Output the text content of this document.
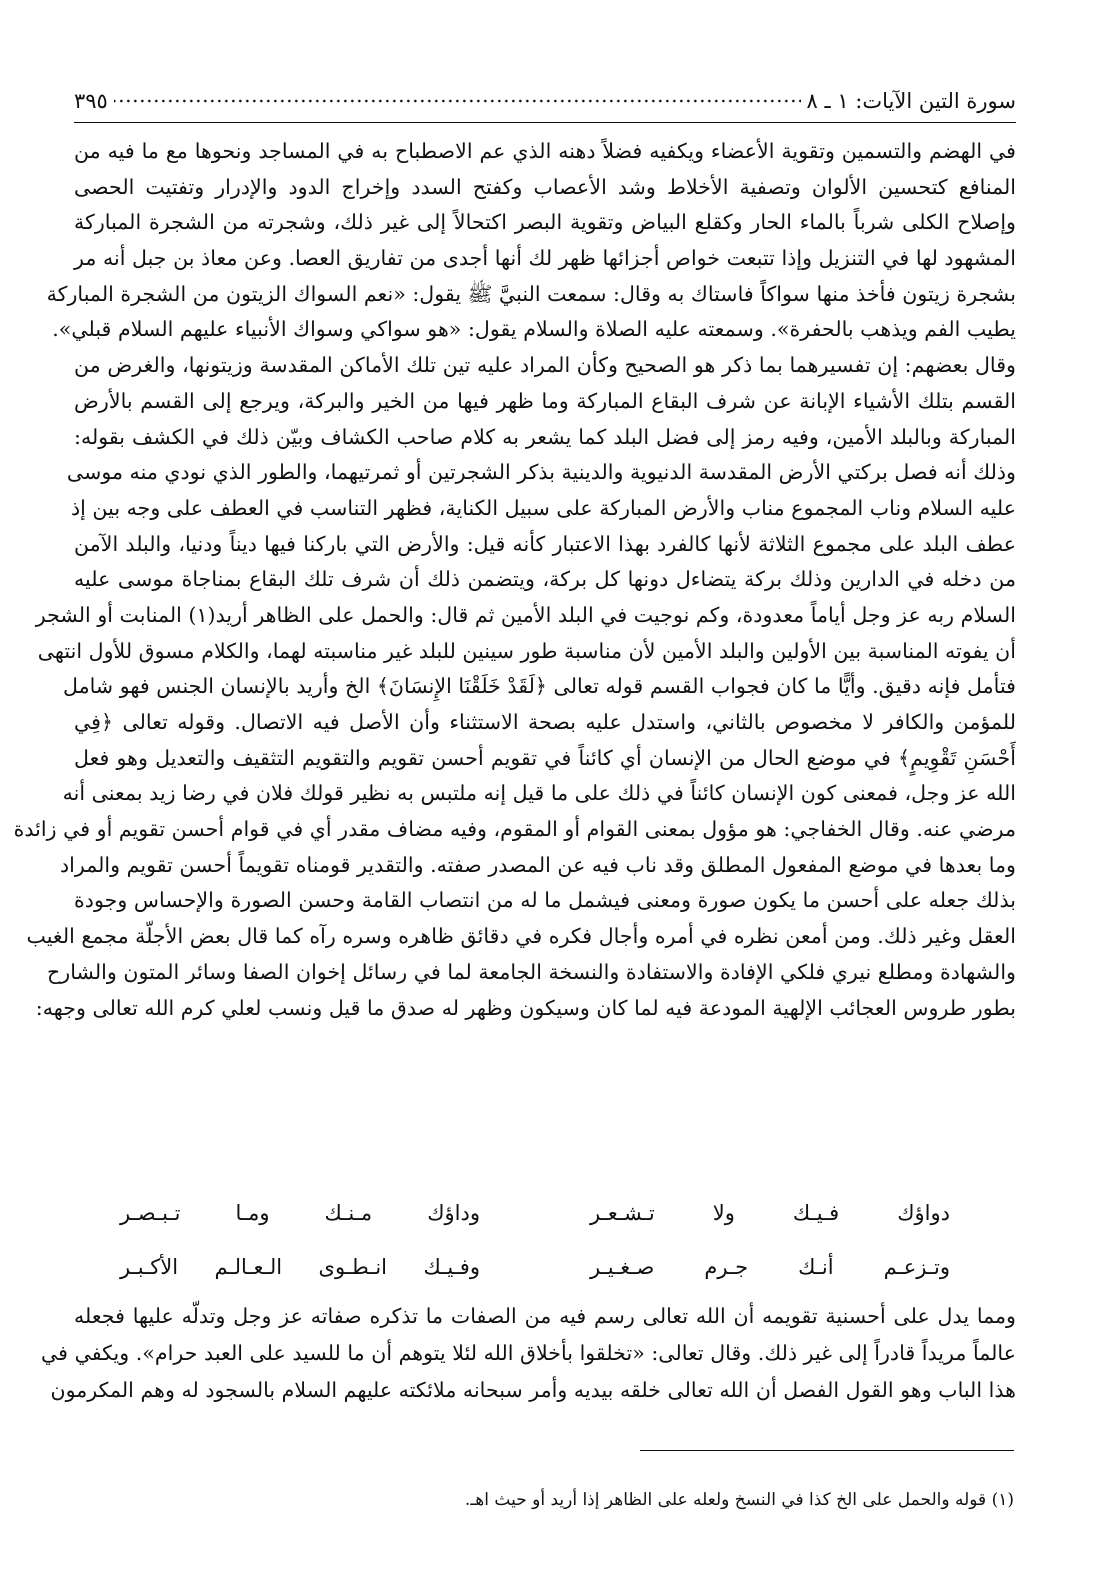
٣٩٥	سورة التين الآيات: ١ ـ ٨
في الهضم والتسمين وتقوية الأعضاء ويكفيه فضلاً دهنه الذي عم الاصطباح به في المساجد ونحوها مع ما فيه من
المنافع كتحسين الألوان وتصفية الأخلاط وشد الأعصاب وكفتح السدد وإخراج الدود والإدرار وتفتيت الحصى
وإصلاح الكلى شرباً بالماء الحار وكقلع البياض وتقوية البصر اكتحالاً إلى غير ذلك، وشجرته من الشجرة المباركة
المشهود لها في التنزيل وإذا تتبعت خواص أجزائها ظهر لك أنها أجدى من تفاريق العصا. وعن معاذ بن جبل أنه مر
بشجرة زيتون فأخذ منها سواكاً فاستاك به وقال: سمعت النبيَّ ﷺ يقول: «نعم السواك الزيتون من الشجرة المباركة
يطيب الفم ويذهب بالحفرة». وسمعته عليه الصلاة والسلام يقول: «هو سواكي وسواك الأنبياء عليهم السلام قبلي».
وقال بعضهم: إن تفسيرهما بما ذكر هو الصحيح وكأن المراد عليه تين تلك الأماكن المقدسة وزيتونها، والغرض من
القسم بتلك الأشياء الإبانة عن شرف البقاع المباركة وما ظهر فيها من الخير والبركة، ويرجع إلى القسم بالأرض
المباركة وبالبلد الأمين، وفيه رمز إلى فضل البلد كما يشعر به كلام صاحب الكشاف وبيّن ذلك في الكشف بقوله:
وذلك أنه فصل بركتي الأرض المقدسة الدنيوية والدينية بذكر الشجرتين أو ثمرتيهما، والطور الذي نودي منه موسى
عليه السلام وناب المجموع مناب والأرض المباركة على سبيل الكناية، فظهر التناسب في العطف على وجه بين إذ
عطف البلد على مجموع الثلاثة لأنها كالفرد بهذا الاعتبار كأنه قيل: والأرض التي باركنا فيها ديناً ودنيا، والبلد الآمن
من دخله في الدارين وذلك بركة يتضاءل دونها كل بركة، ويتضمن ذلك أن شرف تلك البقاع بمناجاة موسى عليه
السلام ربه عز وجل أياماً معدودة، وكم نوجيت في البلد الأمين ثم قال: والحمل على الظاهر أريد(١) المنابت أو الشجر
أن يفوته المناسبة بين الأولين والبلد الأمين لأن مناسبة طور سينين للبلد غير مناسبته لهما، والكلام مسوق للأول انتهى
فتأمل فإنه دقيق. وأيًّا ما كان فجواب القسم قوله تعالى ﴿لَقَدْ خَلَقْنَا الإِنسَانَ﴾ الخ وأريد بالإنسان الجنس فهو شامل
للمؤمن والكافر لا مخصوص بالثاني، واستدل عليه بصحة الاستثناء وأن الأصل فيه الاتصال. وقوله تعالى ﴿فِي
أَحْسَنِ تَقْوِيمٍ﴾ في موضع الحال من الإنسان أي كائناً في تقويم أحسن تقويم والتقويم التثقيف والتعديل وهو فعل
الله عز وجل، فمعنى كون الإنسان كائناً في ذلك على ما قيل إنه ملتبس به نظير قولك فلان في رضا زيد بمعنى أنه
مرضي عنه. وقال الخفاجي: هو مؤول بمعنى القوام أو المقوم، وفيه مضاف مقدر أي في قوام أحسن تقويم أو في زائدة
وما بعدها في موضع المفعول المطلق وقد ناب فيه عن المصدر صفته. والتقدير قومناه تقويماً أحسن تقويم والمراد
بذلك جعله على أحسن ما يكون صورة ومعنى فيشمل ما له من انتصاب القامة وحسن الصورة والإحساس وجودة
العقل وغير ذلك. ومن أمعن نظره في أمره وأجال فكره في دقائق ظاهره وسره رآه كما قال بعض الأجلّة مجمع الغيب
والشهادة ومطلع نيري فلكي الإفادة والاستفادة والنسخة الجامعة لما في رسائل إخوان الصفا وسائر المتون والشارح
بطور طروس العجائب الإلهية المودعة فيه لما كان وسيكون وظهر له صدق ما قيل ونسب لعلي كرم الله تعالى وجهه:
دواؤك فـيـك ولا تـشـعـر
وداؤك مـنـك ومـا تـبـصـر
وتـزعـم أنـك جـرم صـغـيـر
وفـيـك انـطـوى الـعـالـم الأكـبـر
ومما يدل على أحسنية تقويمه أن الله تعالى رسم فيه من الصفات ما تذكره صفاته عز وجل وتدلّه عليها فجعله
عالماً مريداً قادراً إلى غير ذلك. وقال تعالى: «تخلقوا بأخلاق الله لئلا يتوهم أن ما للسيد على العبد حرام». ويكفي في
هذا الباب وهو القول الفصل أن الله تعالى خلقه بيديه وأمر سبحانه ملائكته عليهم السلام بالسجود له وهم المكرمون
(١) قوله والحمل على الخ كذا في النسخ ولعله على الظاهر إذا أريد أو حيث اهـ.
